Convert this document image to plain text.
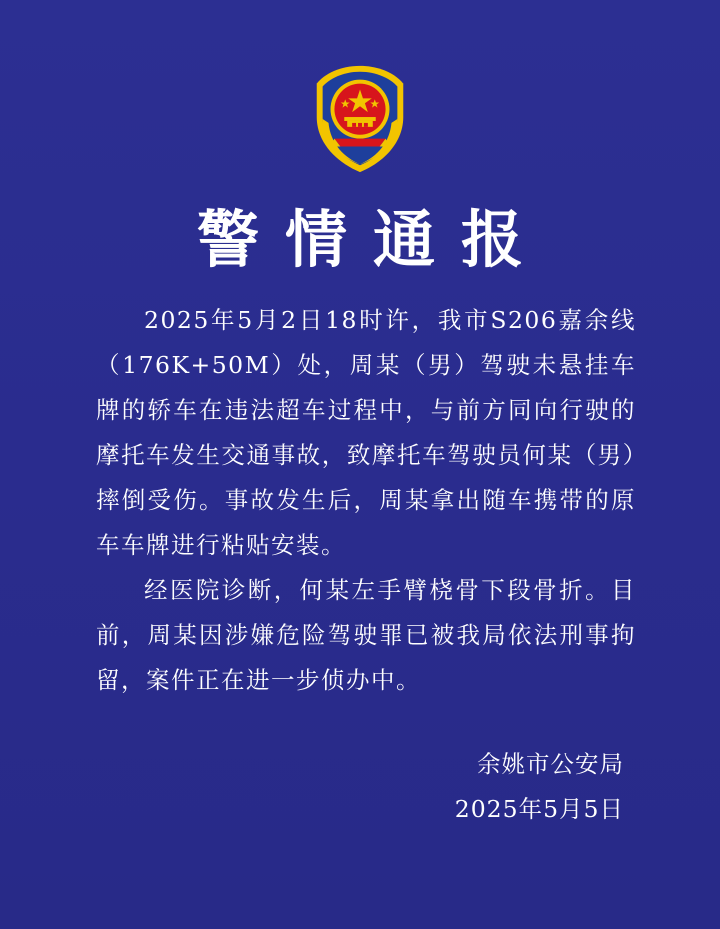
警情通报

2025年5月2日18时许，我市S206嘉余线（176K+50M）处，周某（男）驾驶未悬挂车牌的轿车在违法超车过程中，与前方同向行驶的摩托车发生交通事故，致摩托车驾驶员何某（男）摔倒受伤。事故发生后，周某拿出随车携带的原车车牌进行粘贴安装。

经医院诊断，何某左手臂桡骨下段骨折。目前，周某因涉嫌危险驾驶罪已被我局依法刑事拘留，案件正在进一步侦办中。

余姚市公安局
2025年5月5日
